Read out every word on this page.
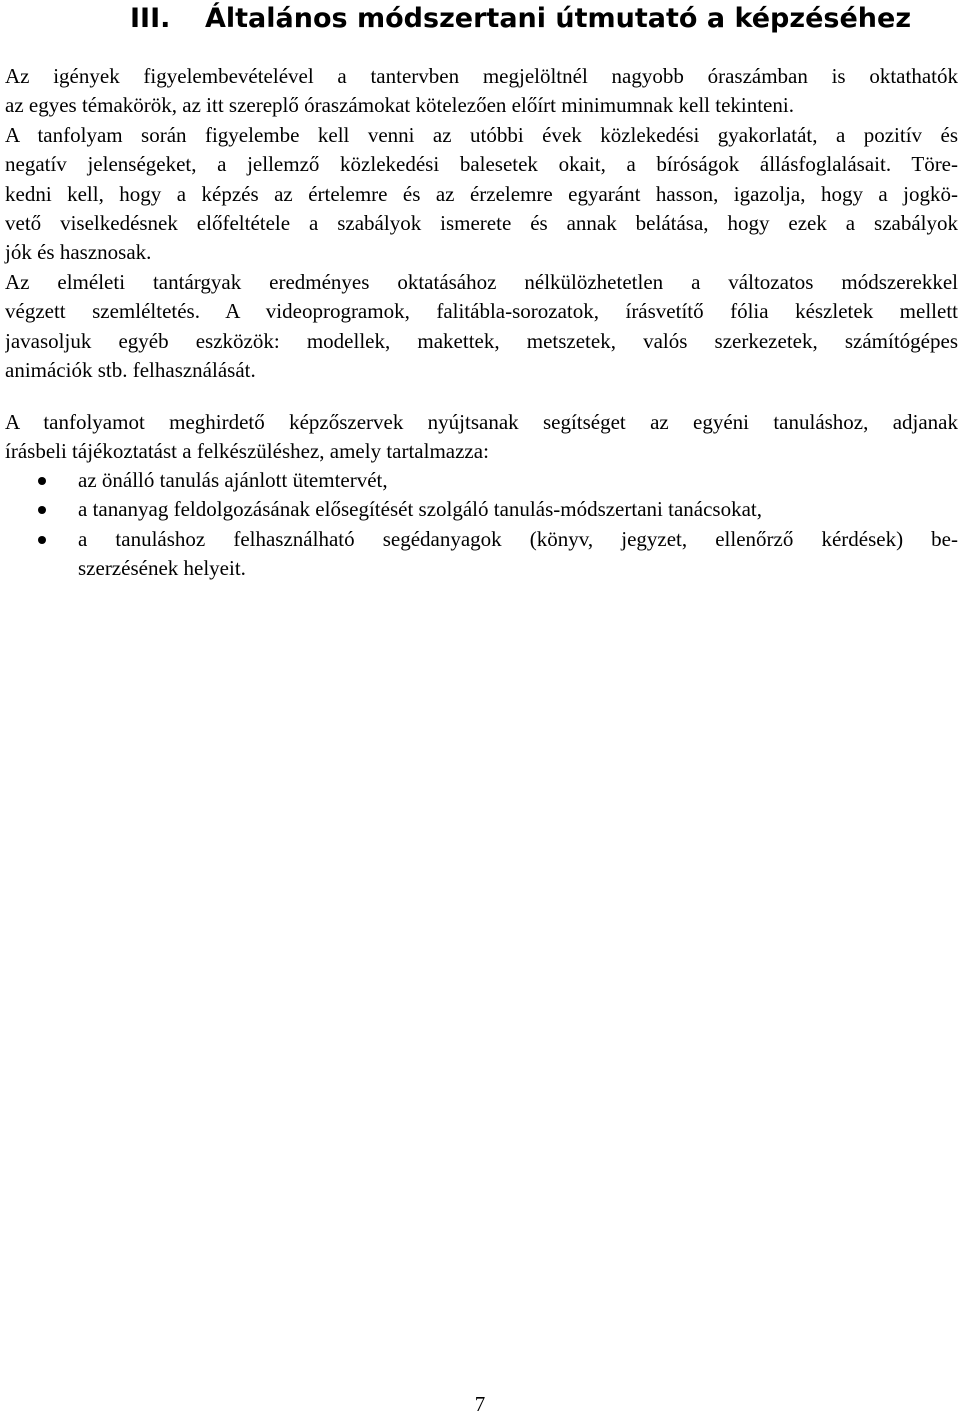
III. Általános módszertani útmutató a képzéséhez
Az igények figyelembevételével a tantervben megjelöltnél nagyobb óraszámban is oktathatók
az egyes témakörök, az itt szereplő óraszámokat kötelezően előírt minimumnak kell tekinteni.
A tanfolyam során figyelembe kell venni az utóbbi évek közlekedési gyakorlatát, a pozitív és
negatív jelenségeket, a jellemző közlekedési balesetek okait, a bíróságok állásfoglalásait. Töre-
kedni kell, hogy a képzés az értelemre és az érzelemre egyaránt hasson, igazolja, hogy a jogkö-
vető viselkedésnek előfeltétele a szabályok ismerete és annak belátása, hogy ezek a szabályok
jók és hasznosak.
Az elméleti tantárgyak eredményes oktatásához nélkülözhetetlen a változatos módszerekkel
végzett szemléltetés. A videoprogramok, falitábla-sorozatok, írásvetítő fólia készletek mellett
javasoljuk egyéb eszközök: modellek, makettek, metszetek, valós szerkezetek, számítógépes
animációk stb. felhasználását.
A tanfolyamot meghirdető képzőszervek nyújtsanak segítséget az egyéni tanuláshoz, adjanak
írásbeli tájékoztatást a felkészüléshez, amely tartalmazza:
az önálló tanulás ajánlott ütemtervét,
a tananyag feldolgozásának elősegítését szolgáló tanulás-módszertani tanácsokat,
a tanuláshoz felhasználható segédanyagok (könyv, jegyzet, ellenőrző kérdések) be-
szerzésének helyeit.
7
